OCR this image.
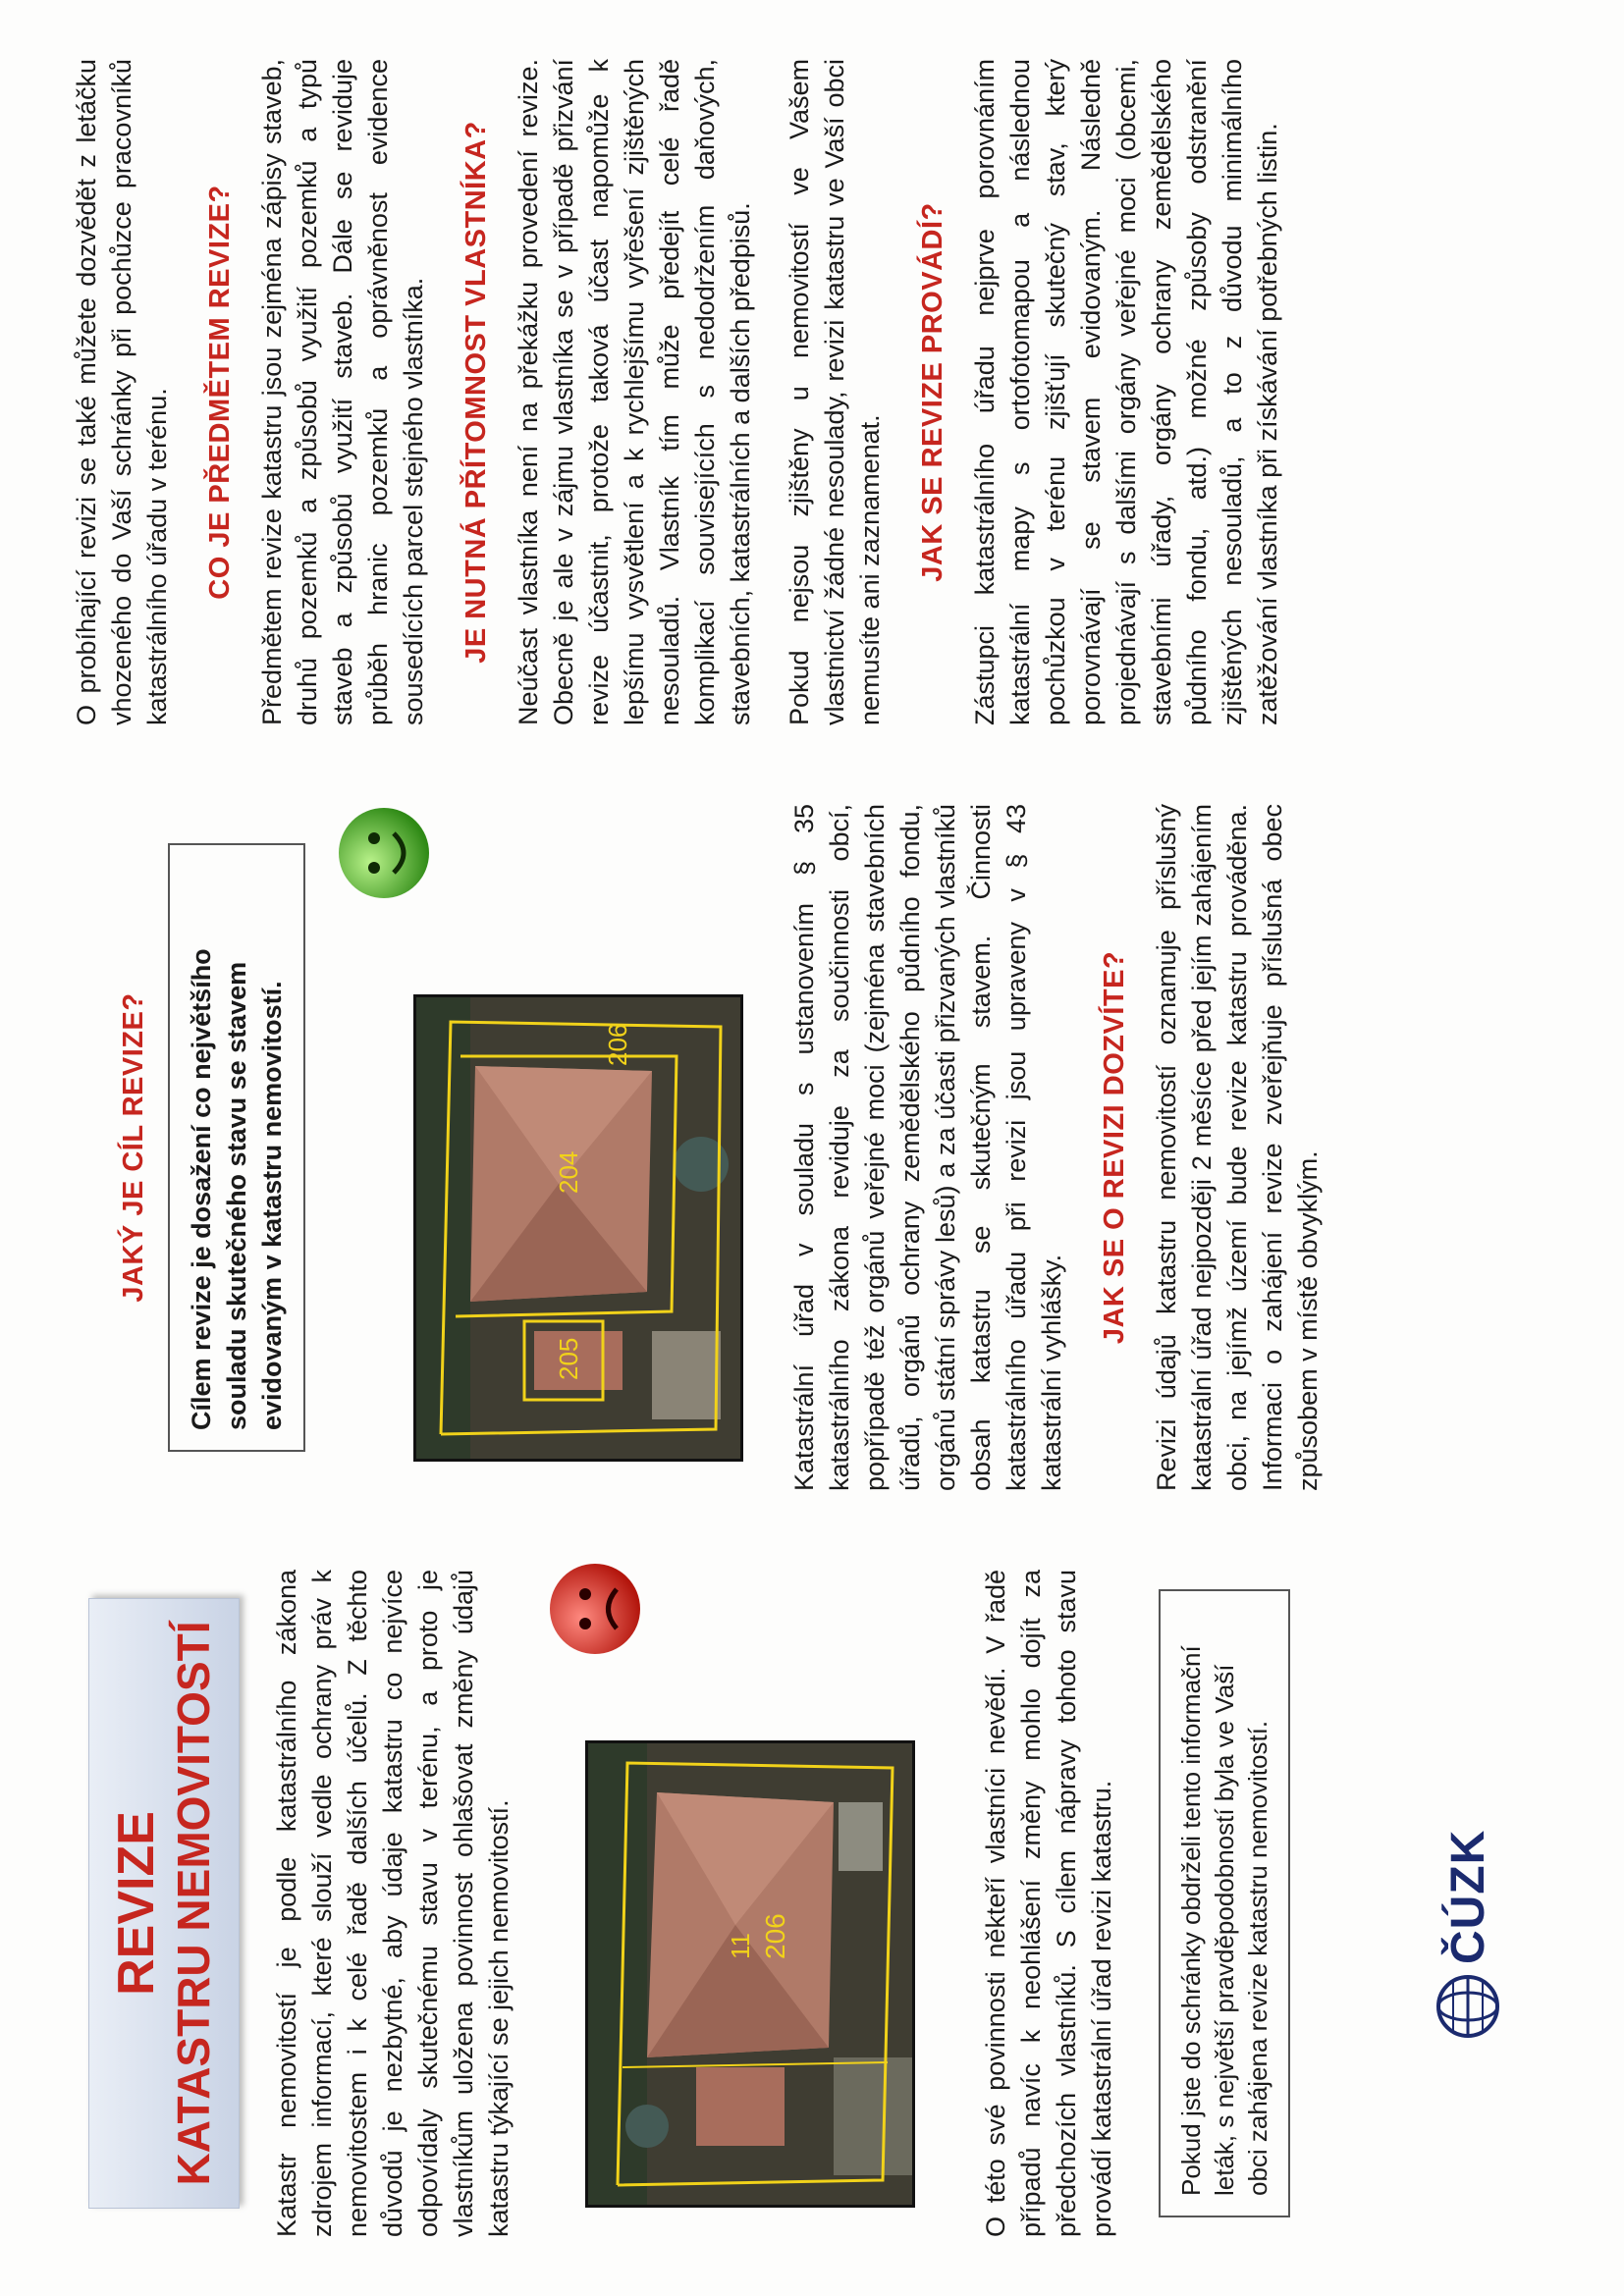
REVIZE KATASTRU NEMOVITOSTÍ Katastr nemovitostí je podle katastrálního zákona zdrojem informací, které slouží vedle ochrany práv k nemovitostem i k celé řadě dalších účelů. Z těchto důvodů je nezbytné, aby údaje katastru co nejvíce odpovídaly skutečnému stavu v terénu, a proto je vlastníkům uložena povinnost ohlašovat změny údajů katastru týkající se jejich nemovitostí.	11 206	O této své povinnosti někteří vlastníci nevědí. V řadě případů navíc k neohlášení změny mohlo dojít za předchozích vlastníků. S cílem nápravy tohoto stavu provádí katastrální úřad revizi katastru.	Pokud jste do schránky obdrželi tento informační leták, s největší pravděpodobností byla ve Vaší obci zahájena revize katastru nemovitostí.	ČÚZK
JAKÝ JE CÍL REVIZE?	Cílem revize je dosažení co největšího souladu skutečného stavu se stavem evidovaným v katastru nemovitostí.	205
204
206	Katastrální úřad v souladu s ustanovením § 35 katastrálního zákona reviduje za součinnosti obcí, popřípadě též orgánů veřejné moci (zejména stavebních úřadů, orgánů ochrany zemědělského půdního fondu, orgánů státní správy lesů) a za účasti přizvaných vlastníků obsah katastru se skutečným stavem. Činnosti katastrálního úřadu při revizi jsou upraveny v § 43 katastrální vyhlášky.

JAK SE O REVIZI DOZVÍTE? Revizi údajů katastru nemovitostí oznamuje příslušný katastrální úřad nejpozději 2 měsíce před jejím zahájením obci, na jejímž území bude revize katastru prováděna. Informaci o zahájení revize zveřejňuje příslušná obec způsobem v místě obvyklým.

O probíhající revizi se také můžete dozvědět z letáčku vhozeného do Vaší schránky při pochůzce pracovníků katastrálního úřadu v terénu. CO JE PŘEDMĚTEM REVIZE? Předmětem revize katastru jsou zejména zápisy staveb, druhů pozemků a způsobů využití pozemků a typů staveb a způsobů využití staveb. Dále se reviduje průběh hranic pozemků a oprávněnost evidence sousedících parcel stejného vlastníka. JE NUTNÁ PŘÍTOMNOST VLASTNÍKA? Neúčast vlastníka není na překážku provedení revize. Obecně je ale v zájmu vlastníka se v případě přizvání revize účastnit, protože taková účast napomůže k lepšímu vysvětlení a k rychlejšímu vyřešení zjištěných nesouladů. Vlastník tím může předejít celé řadě komplikací souvisejících s nedodržením daňových, stavebních, katastrálních a dalších předpisů. Pokud nejsou zjištěny u nemovitostí ve Vašem vlastnictví žádné nesoulady, revizi katastru ve Vaší obci nemusíte ani zaznamenat. JAK SE REVIZE PROVÁDÍ? Zástupci katastrálního úřadu nejprve porovnáním katastrální mapy s ortofotomapou a následnou pochůzkou v terénu zjišťují skutečný stav, který porovnávají se stavem evidovaným. Následně projednávají s dalšími orgány veřejné moci (obcemi, stavebními úřady, orgány ochrany zemědělského půdního fondu, atd.) možné způsoby odstranění zjištěných nesouladů, a to z důvodu minimálního zatěžování vlastníka při získávání potřebných listin.
